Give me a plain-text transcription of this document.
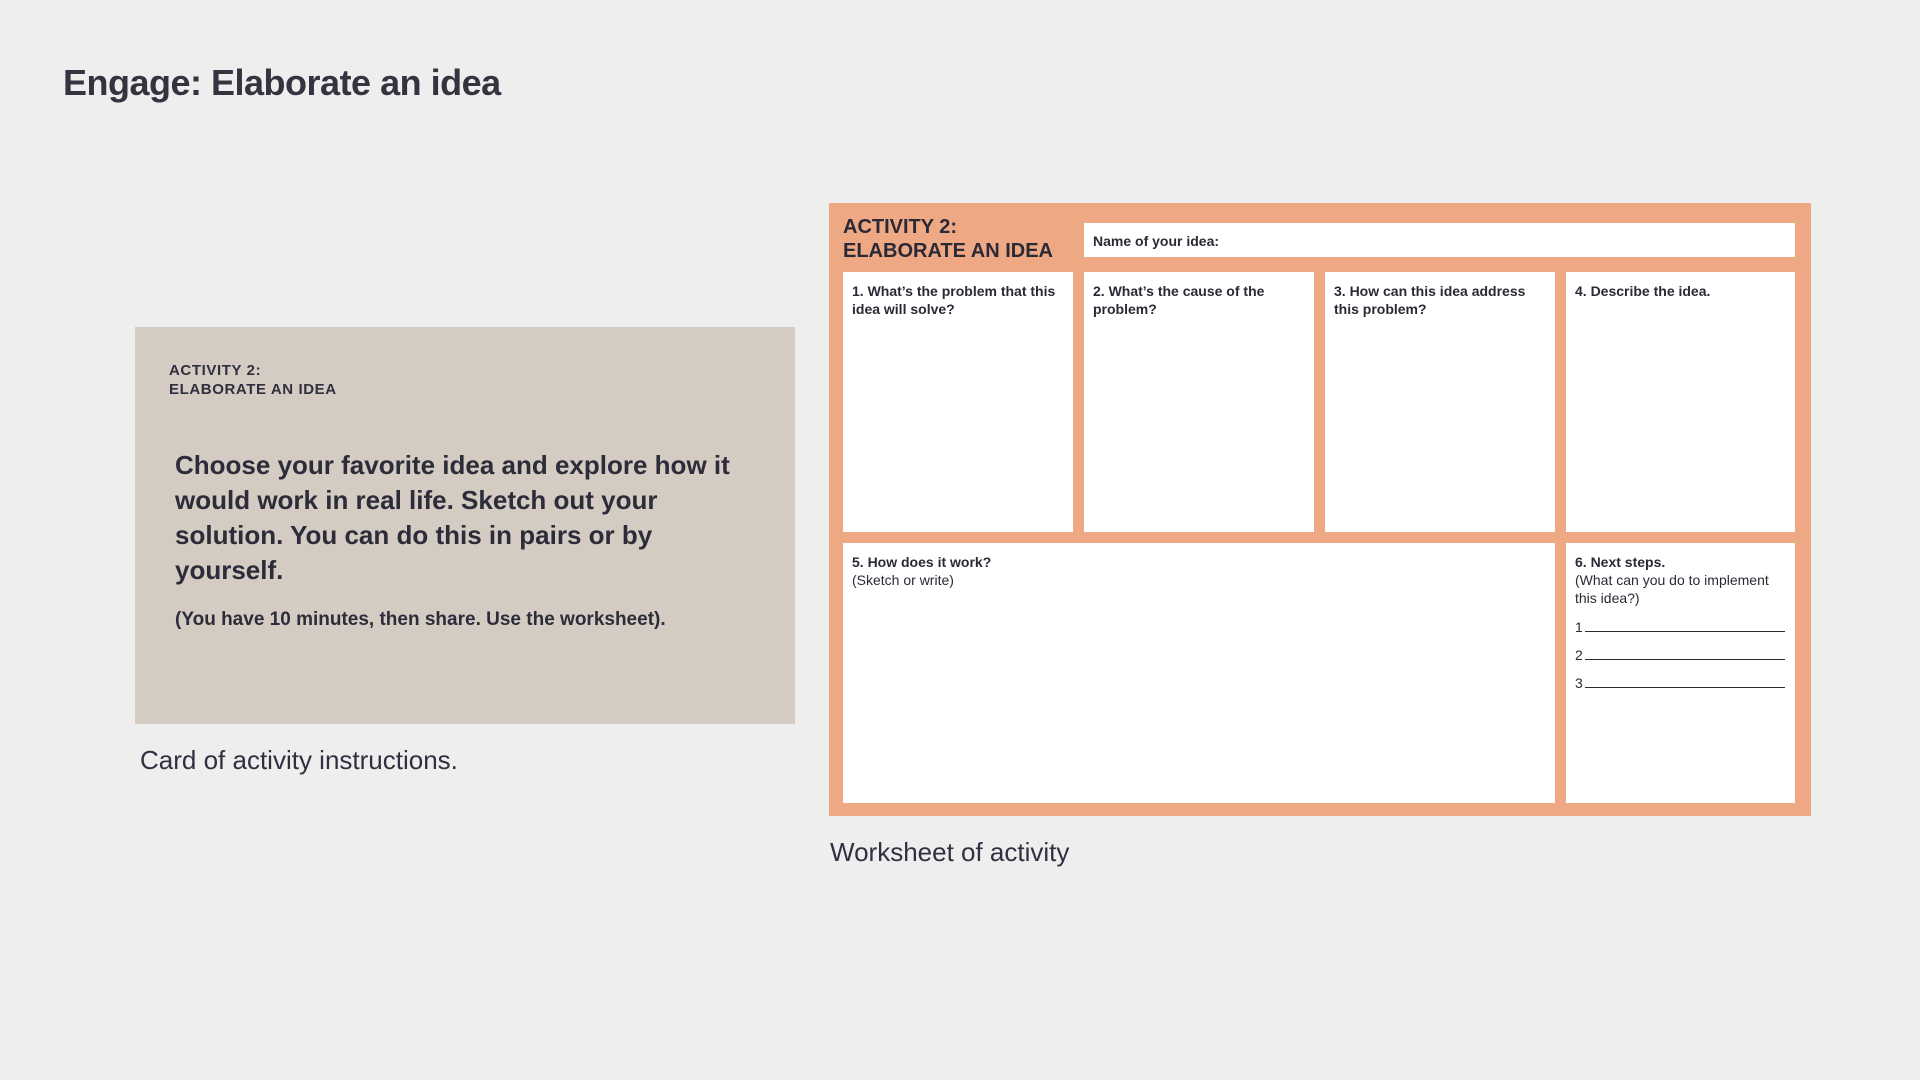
Engage: Elaborate an idea
ACTIVITY 2:
ELABORATE AN IDEA
Choose your favorite idea and explore how it would work in real life. Sketch out your solution. You can do this in pairs or by yourself.
(You have 10 minutes, then share. Use the worksheet).
Card of activity instructions.
ACTIVITY 2:
ELABORATE AN IDEA	Name of your idea:
1. What’s the problem that this idea will solve?
2. What’s the cause of the problem?
3. How can this idea address this problem?
4. Describe the idea.
5. How does it work?
(Sketch or write)
6. Next steps.
(What can you do to implement this idea?)
1
2
3
Worksheet of activity
